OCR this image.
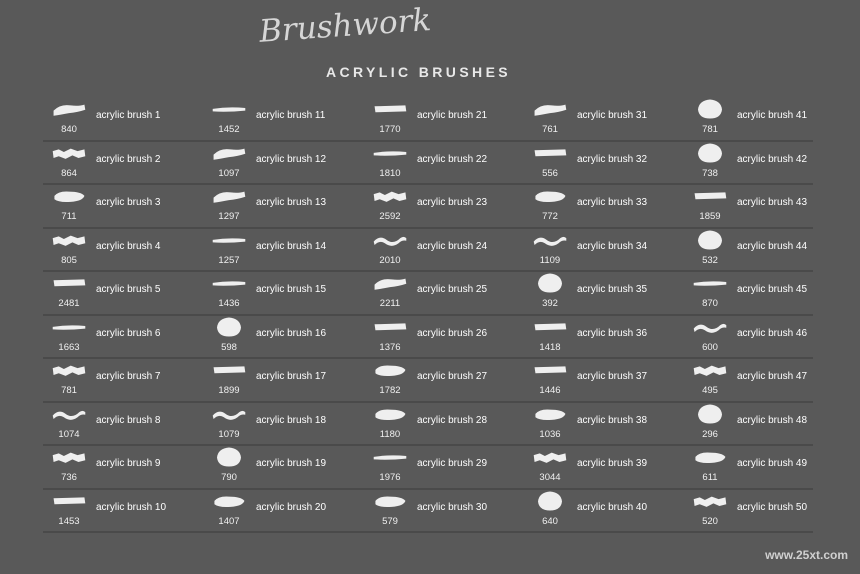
Brushwork
ACRYLIC BRUSHES
840
acrylic brush 1
864
acrylic brush 2
711
acrylic brush 3
805
acrylic brush 4
2481
acrylic brush 5
1663
acrylic brush 6
781
acrylic brush 7
1074
acrylic brush 8
736
acrylic brush 9
1453
acrylic brush 10
1452
acrylic brush 11
1097
acrylic brush 12
1297
acrylic brush 13
1257
acrylic brush 14
1436
acrylic brush 15
598
acrylic brush 16
1899
acrylic brush 17
1079
acrylic brush 18
790
acrylic brush 19
1407
acrylic brush 20
1770
acrylic brush 21
1810
acrylic brush 22
2592
acrylic brush 23
2010
acrylic brush 24
2211
acrylic brush 25
1376
acrylic brush 26
1782
acrylic brush 27
1180
acrylic brush 28
1976
acrylic brush 29
579
acrylic brush 30
761
acrylic brush 31
556
acrylic brush 32
772
acrylic brush 33
1109
acrylic brush 34
392
acrylic brush 35
1418
acrylic brush 36
1446
acrylic brush 37
1036
acrylic brush 38
3044
acrylic brush 39
640
acrylic brush 40
781
acrylic brush 41
738
acrylic brush 42
1859
acrylic brush 43
532
acrylic brush 44
870
acrylic brush 45
600
acrylic brush 46
495
acrylic brush 47
296
acrylic brush 48
611
acrylic brush 49
520
acrylic brush 50
www.25xt.com
